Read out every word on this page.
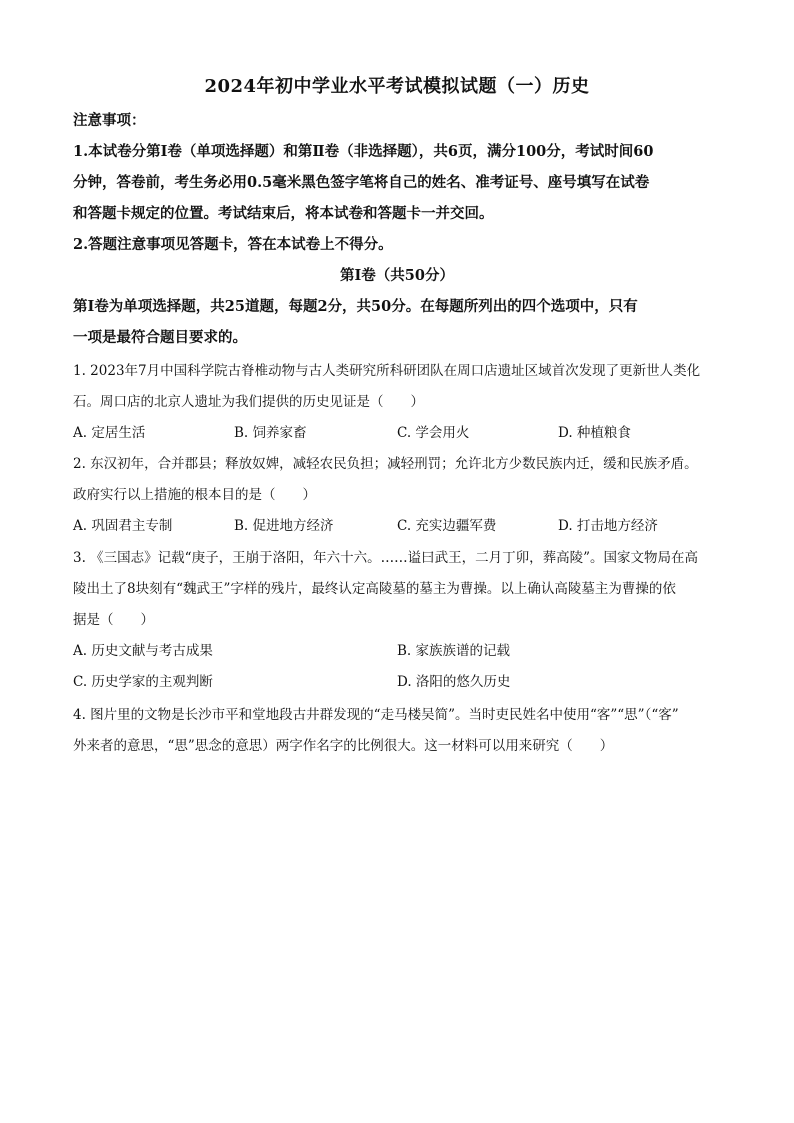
2024年初中学业水平考试模拟试题（一）历史
注意事项：
1.本试卷分第Ⅰ卷（单项选择题）和第Ⅱ卷（非选择题），共6页，满分100分，考试时间60
分钟，答卷前，考生务必用0.5毫米黑色签字笔将自己的姓名、准考证号、座号填写在试卷
和答题卡规定的位置。考试结束后，将本试卷和答题卡一并交回。
2.答题注意事项见答题卡，答在本试卷上不得分。
第Ⅰ卷（共50分）
第Ⅰ卷为单项选择题，共25道题，每题2分，共50分。在每题所列出的四个选项中，只有
一项是最符合题目要求的。
1. 2023年7月中国科学院古脊椎动物与古人类研究所科研团队在周口店遗址区域首次发现了更新世人类化
石。周口店的北京人遗址为我们提供的历史见证是（　　）
A. 定居生活	B. 饲养家畜	C. 学会用火	D. 种植粮食
2. 东汉初年，合并郡县；释放奴婢，减轻农民负担；减轻刑罚；允许北方少数民族内迁，缓和民族矛盾。
政府实行以上措施的根本目的是（　　）
A. 巩固君主专制	B. 促进地方经济	C. 充实边疆军费	D. 打击地方经济
3. 《三国志》记载“庚子，王崩于洛阳，年六十六。……谥曰武王，二月丁卯，葬高陵”。国家文物局在高
陵出土了8块刻有“魏武王”字样的残片，最终认定高陵墓的墓主为曹操。以上确认高陵墓主为曹操的依
据是（　　）
A. 历史文献与考古成果	B. 家族族谱的记载
C. 历史学家的主观判断	D. 洛阳的悠久历史
4. 图片里的文物是长沙市平和堂地段古井群发现的“走马楼吴简”。当时吏民姓名中使用“客”“思”（“客”
外来者的意思，“思”思念的意思）两字作名字的比例很大。这一材料可以用来研究（　　）
